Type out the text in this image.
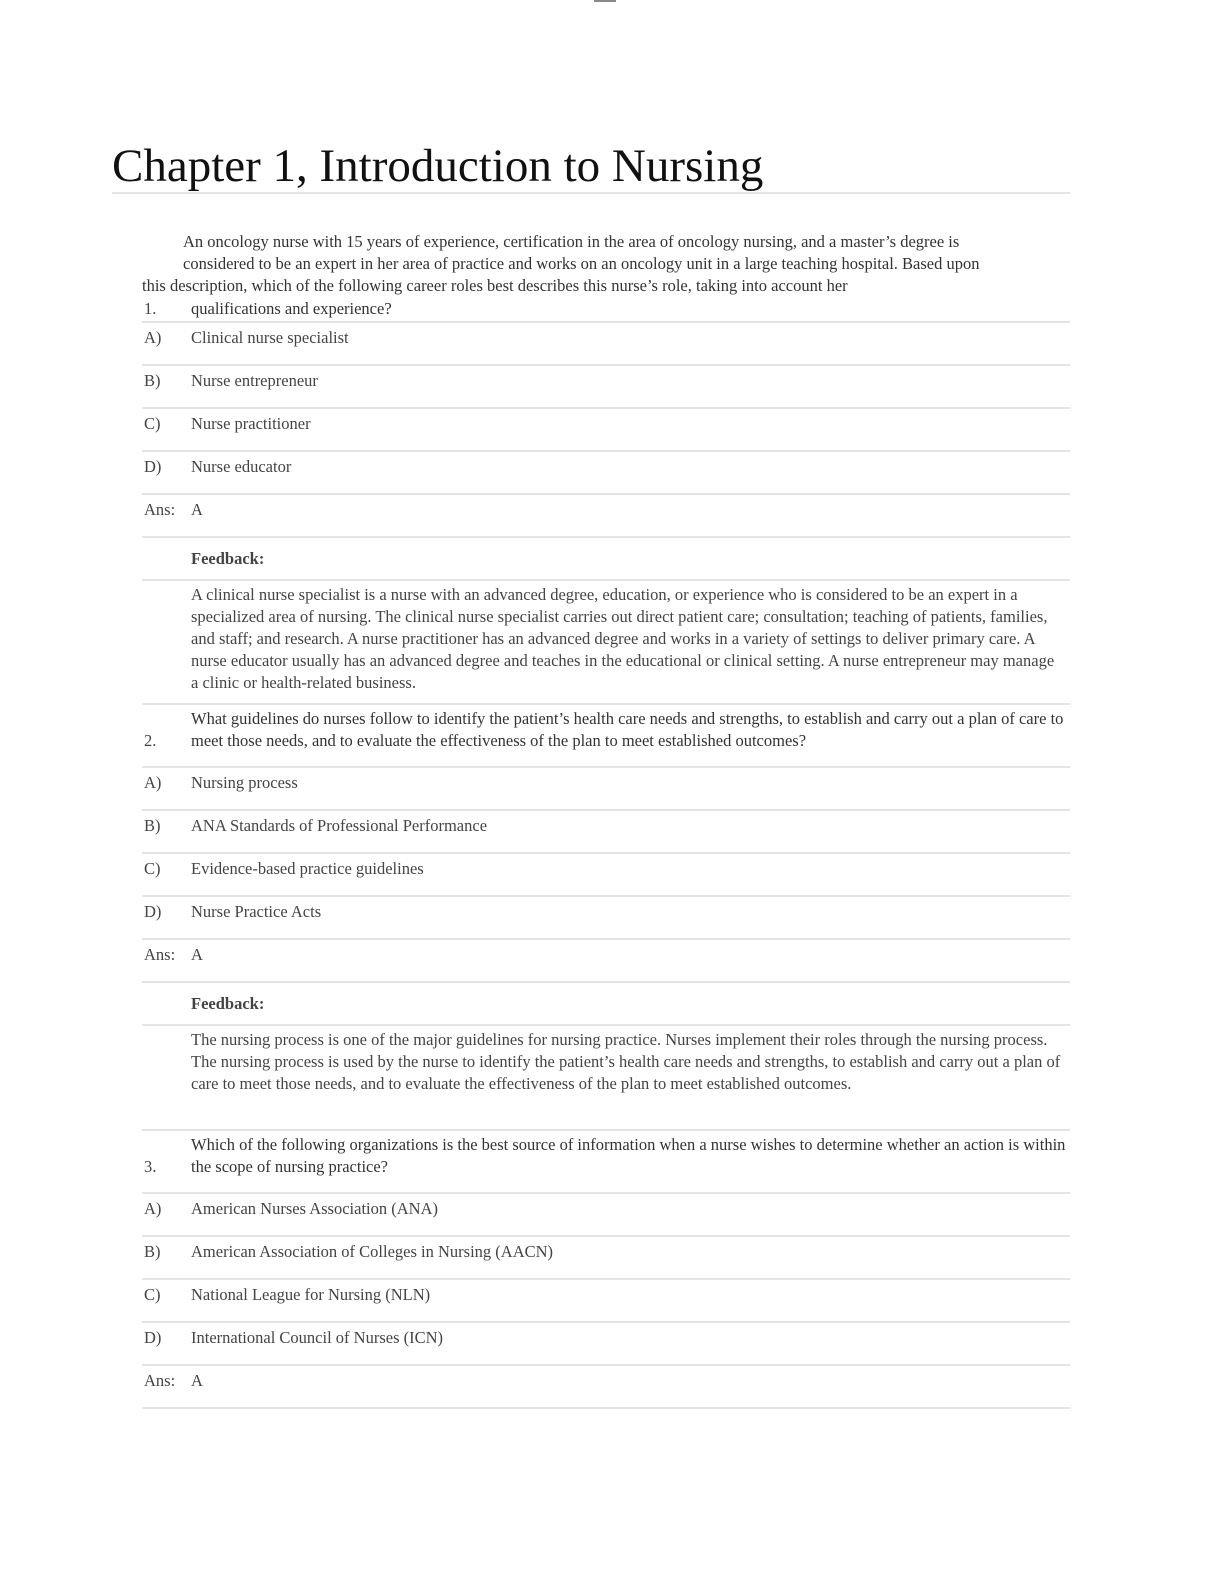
Chapter 1, Introduction to Nursing
An oncology nurse with 15 years of experience, certification in the area of oncology nursing, and a master’s degree is
considered to be an expert in her area of practice and works on an oncology unit in a large teaching hospital. Based upon
this description, which of the following career roles best describes this nurse’s role, taking into account her
1. qualifications and experience?
A) Clinical nurse specialist
B) Nurse entrepreneur
C) Nurse practitioner
D) Nurse educator
Ans: A
Feedback:
A clinical nurse specialist is a nurse with an advanced degree, education, or experience who is considered to be an expert in a specialized area of nursing. The clinical nurse specialist carries out direct patient care; consultation; teaching of patients, families, and staff; and research. A nurse practitioner has an advanced degree and works in a variety of settings to deliver primary care. A nurse educator usually has an advanced degree and teaches in the educational or clinical setting. A nurse entrepreneur may manage a clinic or health-related business.
2.
What guidelines do nurses follow to identify the patient’s health care needs and strengths, to establish and carry out a plan of care to meet those needs, and to evaluate the effectiveness of the plan to meet established outcomes?
A) Nursing process
B) ANA Standards of Professional Performance
C) Evidence-based practice guidelines
D) Nurse Practice Acts
Ans: A
Feedback:
The nursing process is one of the major guidelines for nursing practice. Nurses implement their roles through the nursing process. The nursing process is used by the nurse to identify the patient’s health care needs and strengths, to establish and carry out a plan of care to meet those needs, and to evaluate the effectiveness of the plan to meet established outcomes.
3.
Which of the following organizations is the best source of information when a nurse wishes to determine whether an action is within the scope of nursing practice?
A) American Nurses Association (ANA)
B) American Association of Colleges in Nursing (AACN)
C) National League for Nursing (NLN)
D) International Council of Nurses (ICN)
Ans: A
